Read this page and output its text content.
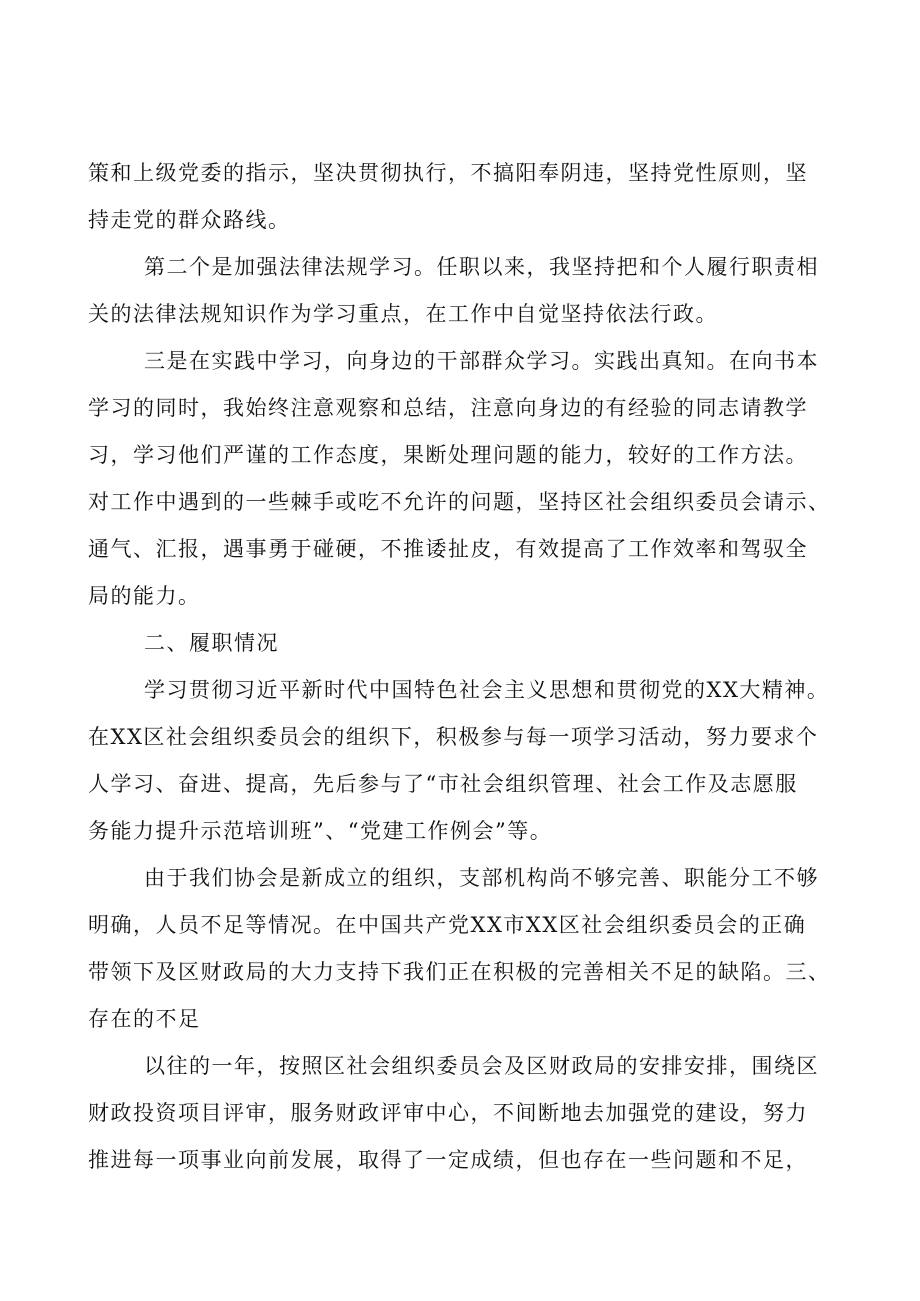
策和上级党委的指示，坚决贯彻执行，不搞阳奉阴违，坚持党性原则，坚
持走党的群众路线。
第二个是加强法律法规学习。任职以来，我坚持把和个人履行职责相
关的法律法规知识作为学习重点，在工作中自觉坚持依法行政。
三是在实践中学习，向身边的干部群众学习。实践出真知。在向书本
学习的同时，我始终注意观察和总结，注意向身边的有经验的同志请教学
习，学习他们严谨的工作态度，果断处理问题的能力，较好的工作方法。
对工作中遇到的一些棘手或吃不允许的问题，坚持区社会组织委员会请示、
通气、汇报，遇事勇于碰硬，不推诿扯皮，有效提高了工作效率和驾驭全
局的能力。
二、履职情况
学习贯彻习近平新时代中国特色社会主义思想和贯彻党的XX大精神。
在XX区社会组织委员会的组织下，积极参与每一项学习活动，努力要求个
人学习、奋进、提高，先后参与了“市社会组织管理、社会工作及志愿服
务能力提升示范培训班”、“党建工作例会”等。
由于我们协会是新成立的组织，支部机构尚不够完善、职能分工不够
明确，人员不足等情况。在中国共产党XX市XX区社会组织委员会的正确
带领下及区财政局的大力支持下我们正在积极的完善相关不足的缺陷。三、
存在的不足
以往的一年，按照区社会组织委员会及区财政局的安排安排，围绕区
财政投资项目评审，服务财政评审中心，不间断地去加强党的建设，努力
推进每一项事业向前发展，取得了一定成绩，但也存在一些问题和不足，
